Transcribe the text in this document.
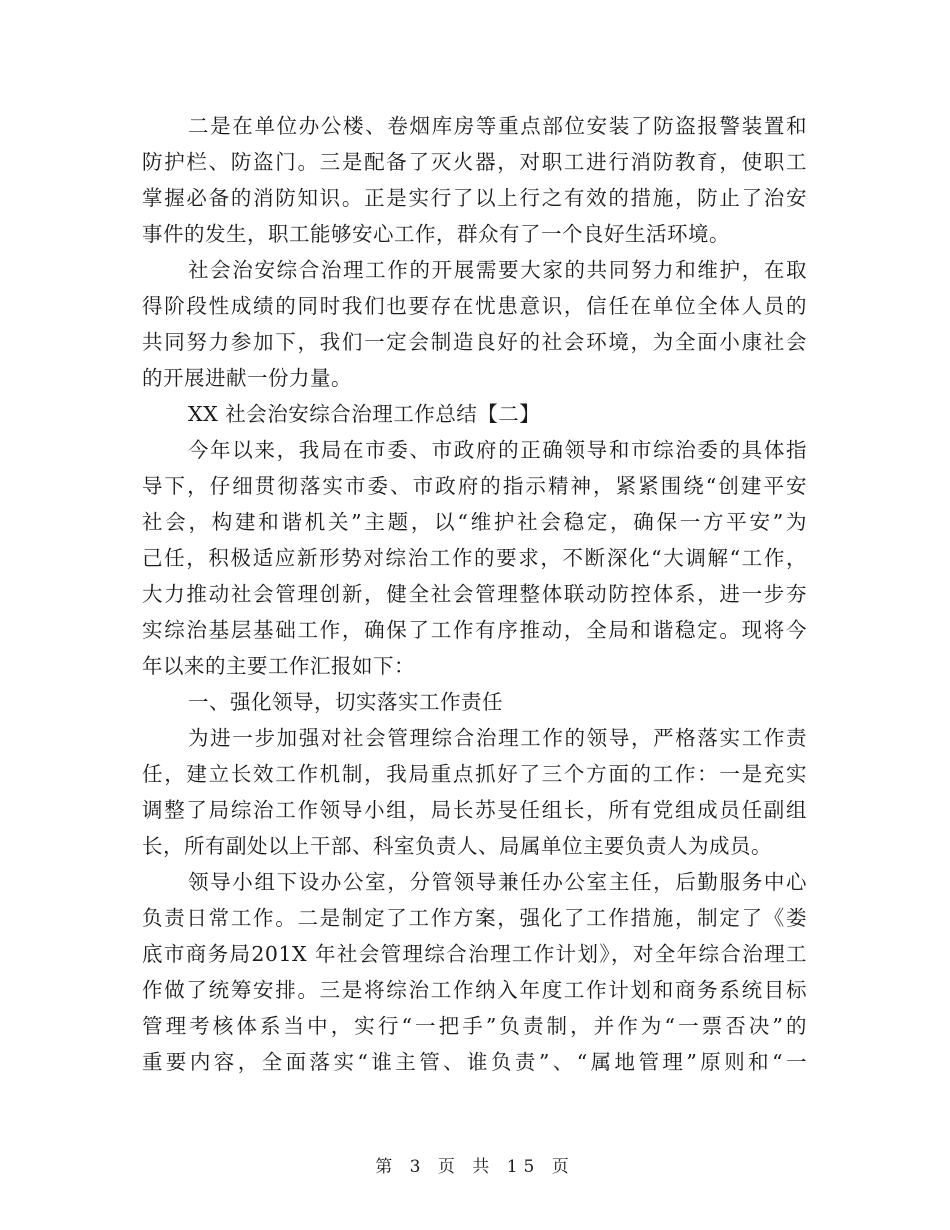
二是在单位办公楼、卷烟库房等重点部位安装了防盗报警装置和
防护栏、防盗门。三是配备了灭火器，对职工进行消防教育，使职工
掌握必备的消防知识。正是实行了以上行之有效的措施，防止了治安
事件的发生，职工能够安心工作，群众有了一个良好生活环境。
社会治安综合治理工作的开展需要大家的共同努力和维护，在取
得阶段性成绩的同时我们也要存在忧患意识，信任在单位全体人员的
共同努力参加下，我们一定会制造良好的社会环境，为全面小康社会
的开展进献一份力量。
XX 社会治安综合治理工作总结【二】
今年以来，我局在市委、市政府的正确领导和市综治委的具体指
导下，仔细贯彻落实市委、市政府的指示精神，紧紧围绕“创建平安
社会，构建和谐机关”主题，以“维护社会稳定，确保一方平安”为
己任，积极适应新形势对综治工作的要求，不断深化“大调解“工作，
大力推动社会管理创新，健全社会管理整体联动防控体系，进一步夯
实综治基层基础工作，确保了工作有序推动，全局和谐稳定。现将今
年以来的主要工作汇报如下：
一、强化领导，切实落实工作责任
为进一步加强对社会管理综合治理工作的领导，严格落实工作责
任，建立长效工作机制，我局重点抓好了三个方面的工作：一是充实
调整了局综治工作领导小组，局长苏旻任组长，所有党组成员任副组
长，所有副处以上干部、科室负责人、局属单位主要负责人为成员。
领导小组下设办公室，分管领导兼任办公室主任，后勤服务中心
负责日常工作。二是制定了工作方案，强化了工作措施，制定了《娄
底市商务局201X 年社会管理综合治理工作计划》，对全年综合治理工
作做了统筹安排。三是将综治工作纳入年度工作计划和商务系统目标
管理考核体系当中，实行“一把手”负责制，并作为“一票否决”的
重要内容，全面落实“谁主管、谁负责”、“属地管理”原则和“一
第 3 页 共 15 页
